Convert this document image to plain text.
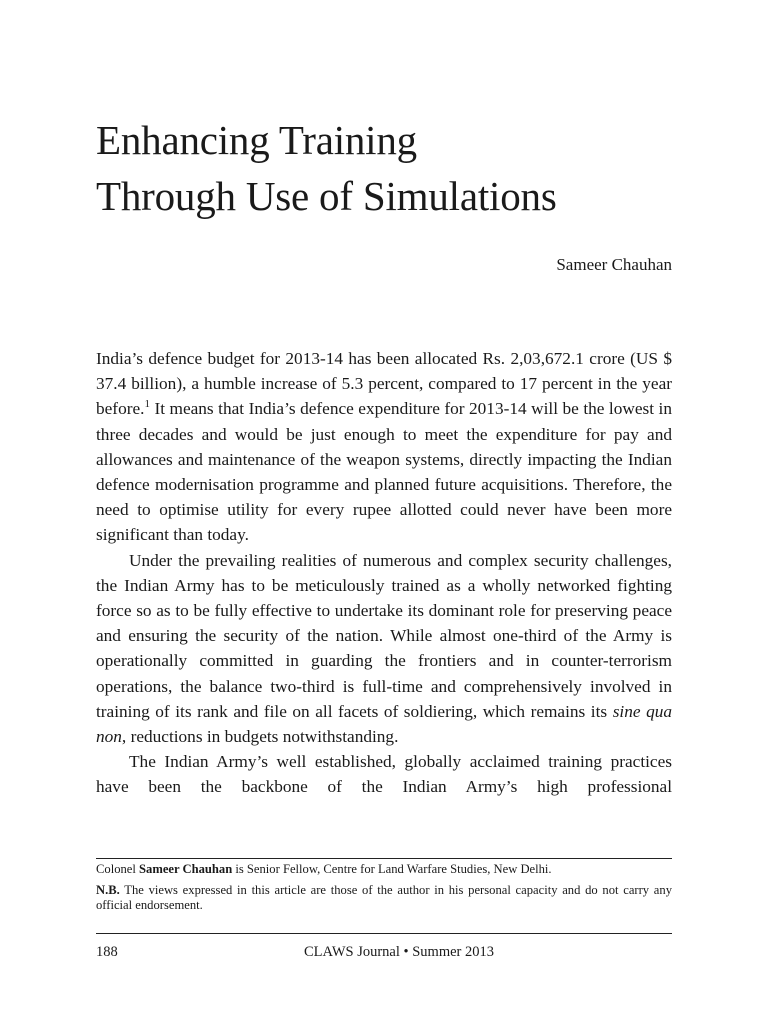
Enhancing Training
Through Use of Simulations
Sameer Chauhan

India’s defence budget for 2013-14 has been allocated Rs. 2,03,672.1 crore (US $ 37.4 billion), a humble increase of 5.3 percent, compared to 17 percent in the year before.$^1$ It means that India’s defence expenditure for 2013-14 will be the lowest in three decades and would be just enough to meet the expenditure for pay and allowances and maintenance of the weapon systems, directly impacting the Indian defence modernisation programme and planned future acquisitions. Therefore, the need to optimise utility for every rupee allotted could never have been more significant than today.

Under the prevailing realities of numerous and complex security challenges, the Indian Army has to be meticulously trained as a wholly networked fighting force so as to be fully effective to undertake its dominant role for preserving peace and ensuring the security of the nation. While almost one-third of the Army is operationally committed in guarding the frontiers and in counter-terrorism operations, the balance two-third is full-time and comprehensively involved in training of its rank and file on all facets of soldiering, which remains its sine qua non, reductions in budgets notwithstanding.

The Indian Army’s well established, globally acclaimed training practices have been the backbone of the Indian Army’s high professional

Colonel Sameer Chauhan is Senior Fellow, Centre for Land Warfare Studies, New Delhi.

N.B. The views expressed in this article are those of the author in his personal capacity and do not carry any official endorsement.

188	CLAWS Journal • Summer 2013
